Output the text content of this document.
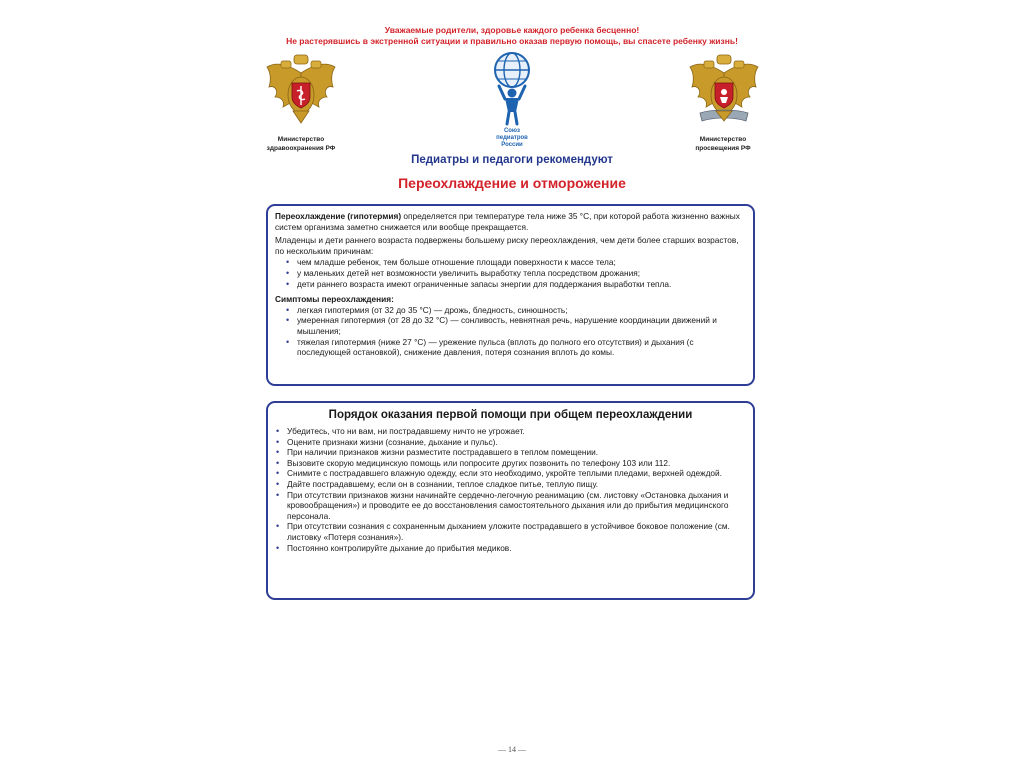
Уважаемые родители, здоровье каждого ребенка бесценно!
Не растерявшись в экстренной ситуации и правильно оказав первую помощь, вы спасете ребенку жизнь!
Министерство
здравоохранения РФ
Союз
педиатров
России
Министерство
просвещения РФ
Педиатры и педагоги рекомендуют
Переохлаждение и отморожение

Переохлаждение (гипотермия) определяется при температуре тела ниже 35 °С, при которой работа жизненно важных систем организма заметно снижается или вообще прекращается.

Младенцы и дети раннего возраста подвержены большему риску переохлаждения, чем дети более старших возрастов, по нескольким причинам:

• чем младше ребенок, тем больше отношение площади поверхности к массе тела;
• у маленьких детей нет возможности увеличить выработку тепла посредством дрожания;
• дети раннего возраста имеют ограниченные запасы энергии для поддержания выработки тепла.

Симптомы переохлаждения:

• легкая гипотермия (от 32 до 35 °С) — дрожь, бледность, синюшность;
• умеренная гипотермия (от 28 до 32 °С) — сонливость, невнятная речь, нарушение координации движений и мышления;
• тяжелая гипотермия (ниже 27 °С) — урежение пульса (вплоть до полного его отсутствия) и дыхания (с последующей остановкой), снижение давления, потеря сознания вплоть до комы.

Порядок оказания первой помощи при общем переохлаждении

• Убедитесь, что ни вам, ни пострадавшему ничто не угрожает.
• Оцените признаки жизни (сознание, дыхание и пульс).
• При наличии признаков жизни разместите пострадавшего в теплом помещении.
• Вызовите скорую медицинскую помощь или попросите других позвонить по телефону 103 или 112.
• Снимите с пострадавшего влажную одежду, если это необходимо, укройте теплыми пледами, верхней одеждой.
• Дайте пострадавшему, если он в сознании, теплое сладкое питье, теплую пищу.
• При отсутствии признаков жизни начинайте сердечно-легочную реанимацию (см. листовку «Остановка дыхания и кровообращения») и проводите ее до восстановления самостоятельного дыхания или до прибытия медицинского персонала.
• При отсутствии сознания с сохраненным дыханием уложите пострадавшего в устойчивое боковое положение (см. листовку «Потеря сознания»).
• Постоянно контролируйте дыхание до прибытия медиков.
— 14 —
